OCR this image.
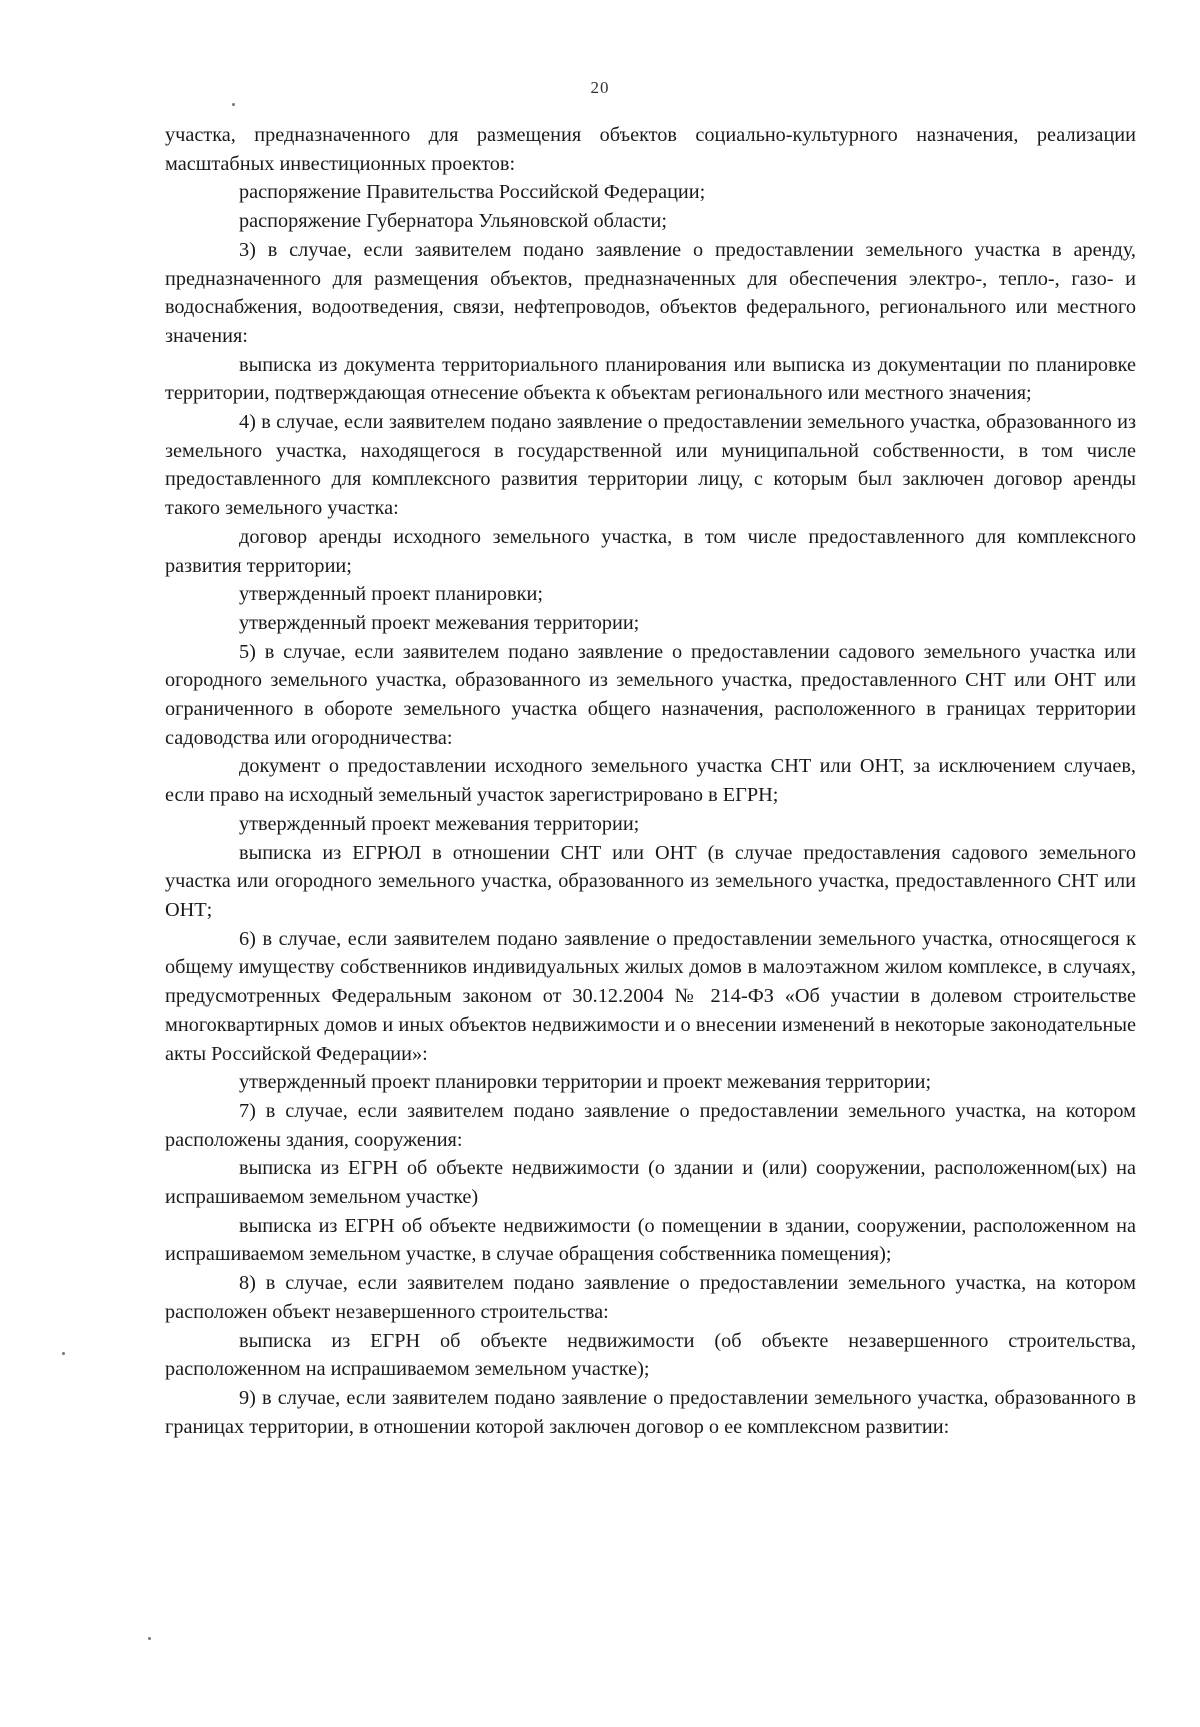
20

участка, предназначенного для размещения объектов социально-культурного назначения, реализации масштабных инвестиционных проектов:

распоряжение Правительства Российской Федерации;

распоряжение Губернатора Ульяновской области;

3) в случае, если заявителем подано заявление о предоставлении земельного участка в аренду, предназначенного для размещения объектов, предназначенных для обеспечения электро-, тепло-, газо- и водоснабжения, водоотведения, связи, нефтепроводов, объектов федерального, регионального или местного значения:

выписка из документа территориального планирования или выписка из документации по планировке территории, подтверждающая отнесение объекта к объектам регионального или местного значения;

4) в случае, если заявителем подано заявление о предоставлении земельного участка, образованного из земельного участка, находящегося в государственной или муниципальной собственности, в том числе предоставленного для комплексного развития территории лицу, с которым был заключен договор аренды такого земельного участка:

договор аренды исходного земельного участка, в том числе предоставленного для комплексного развития территории;

утвержденный проект планировки;

утвержденный проект межевания территории;

5) в случае, если заявителем подано заявление о предоставлении садового земельного участка или огородного земельного участка, образованного из земельного участка, предоставленного СНТ или ОНТ или ограниченного в обороте земельного участка общего назначения, расположенного в границах территории садоводства или огородничества:

документ о предоставлении исходного земельного участка СНТ или ОНТ, за исключением случаев, если право на исходный земельный участок зарегистрировано в ЕГРН;

утвержденный проект межевания территории;

выписка из ЕГРЮЛ в отношении СНТ или ОНТ (в случае предоставления садового земельного участка или огородного земельного участка, образованного из земельного участка, предоставленного СНТ или ОНТ;

6) в случае, если заявителем подано заявление о предоставлении земельного участка, относящегося к общему имуществу собственников индивидуальных жилых домов в малоэтажном жилом комплексе, в случаях, предусмотренных Федеральным законом от 30.12.2004 № 214-ФЗ «Об участии в долевом строительстве многоквартирных домов и иных объектов недвижимости и о внесении изменений в некоторые законодательные акты Российской Федерации»:

утвержденный проект планировки территории и проект межевания территории;

7) в случае, если заявителем подано заявление о предоставлении земельного участка, на котором расположены здания, сооружения:

выписка из ЕГРН об объекте недвижимости (о здании и (или) сооружении, расположенном(ых) на испрашиваемом земельном участке)

выписка из ЕГРН об объекте недвижимости (о помещении в здании, сооружении, расположенном на испрашиваемом земельном участке, в случае обращения собственника помещения);

8) в случае, если заявителем подано заявление о предоставлении земельного участка, на котором расположен объект незавершенного строительства:

выписка из ЕГРН об объекте недвижимости (об объекте незавершенного строительства, расположенном на испрашиваемом земельном участке);

9) в случае, если заявителем подано заявление о предоставлении земельного участка, образованного в границах территории, в отношении которой заключен договор о ее комплексном развитии:
